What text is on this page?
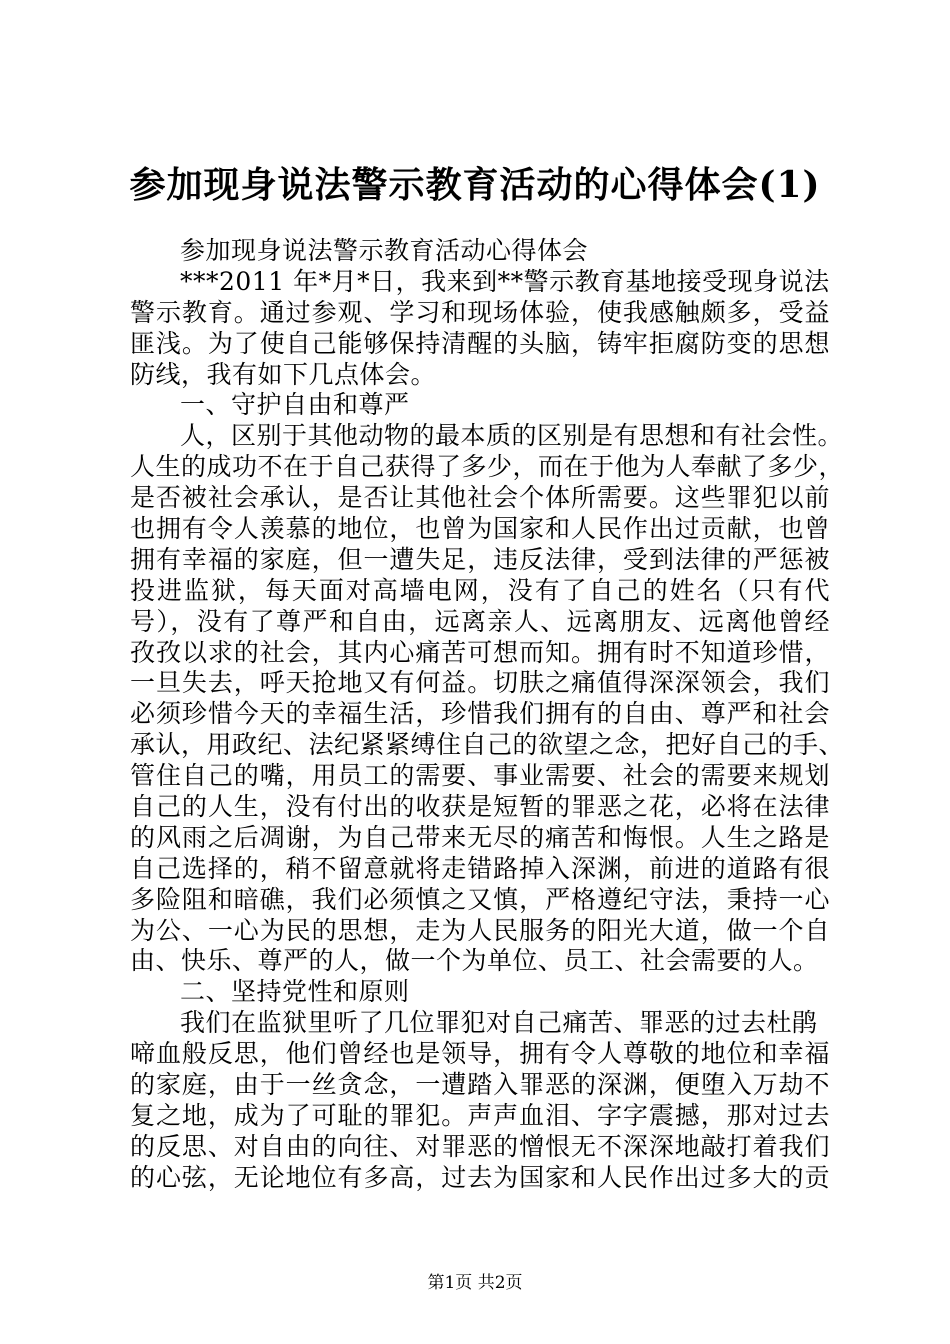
参加现身说法警示教育活动的心得体会(1)
参加现身说法警示教育活动心得体会
***2011 年*月*日，我来到**警示教育基地接受现身说法
警示教育。通过参观、学习和现场体验，使我感触颇多，受益
匪浅。为了使自己能够保持清醒的头脑，铸牢拒腐防变的思想
防线，我有如下几点体会。
一、守护自由和尊严
人，区别于其他动物的最本质的区别是有思想和有社会性。
人生的成功不在于自己获得了多少，而在于他为人奉献了多少，
是否被社会承认，是否让其他社会个体所需要。这些罪犯以前
也拥有令人羡慕的地位，也曾为国家和人民作出过贡献，也曾
拥有幸福的家庭，但一遭失足，违反法律，受到法律的严惩被
投进监狱，每天面对高墙电网，没有了自己的姓名（只有代
号），没有了尊严和自由，远离亲人、远离朋友、远离他曾经
孜孜以求的社会，其内心痛苦可想而知。拥有时不知道珍惜，
一旦失去，呼天抢地又有何益。切肤之痛值得深深领会，我们
必须珍惜今天的幸福生活，珍惜我们拥有的自由、尊严和社会
承认，用政纪、法纪紧紧缚住自己的欲望之念，把好自己的手、
管住自己的嘴，用员工的需要、事业需要、社会的需要来规划
自己的人生，没有付出的收获是短暂的罪恶之花，必将在法律
的风雨之后凋谢，为自己带来无尽的痛苦和悔恨。人生之路是
自己选择的，稍不留意就将走错路掉入深渊，前进的道路有很
多险阻和暗礁，我们必须慎之又慎，严格遵纪守法，秉持一心
为公、一心为民的思想，走为人民服务的阳光大道，做一个自
由、快乐、尊严的人，做一个为单位、员工、社会需要的人。
二、坚持党性和原则
我们在监狱里听了几位罪犯对自己痛苦、罪恶的过去杜鹃
啼血般反思，他们曾经也是领导，拥有令人尊敬的地位和幸福
的家庭，由于一丝贪念，一遭踏入罪恶的深渊，便堕入万劫不
复之地，成为了可耻的罪犯。声声血泪、字字震撼，那对过去
的反思、对自由的向往、对罪恶的憎恨无不深深地敲打着我们
的心弦，无论地位有多高，过去为国家和人民作出过多大的贡
第1页 共2页
